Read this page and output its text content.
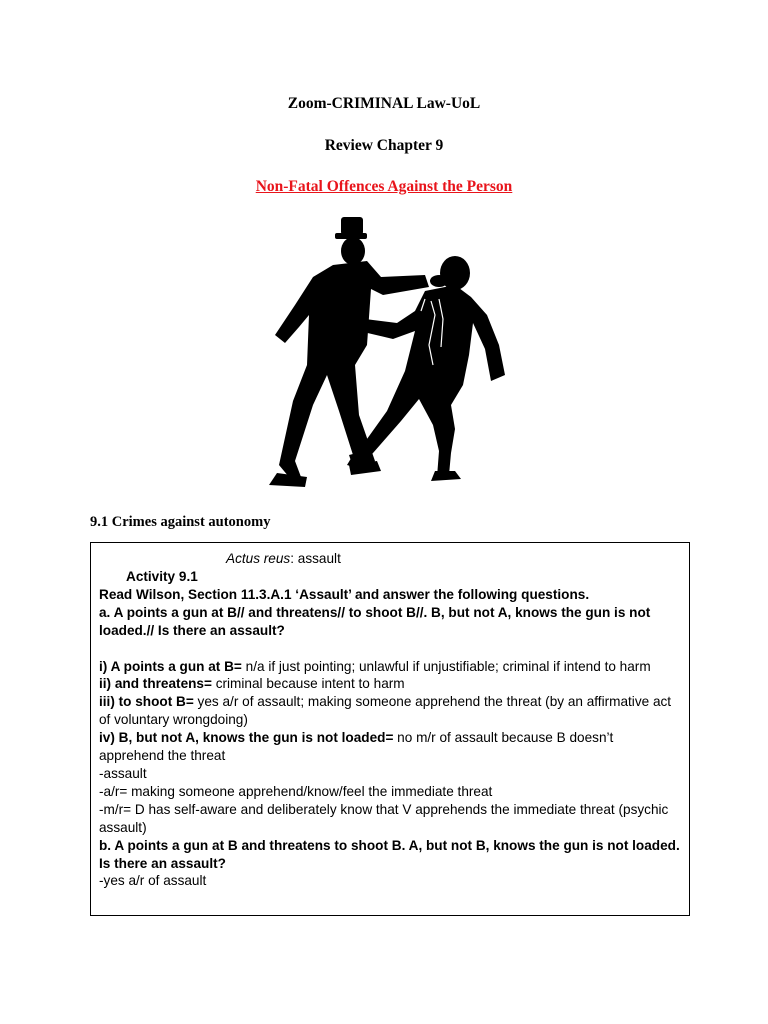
Zoom-CRIMINAL Law-UoL
Review Chapter 9
Non-Fatal Offences Against the Person
9.1 Crimes against autonomy

Actus reus: assault

Activity 9.1

Read Wilson, Section 11.3.A.1 ‘Assault’ and answer the following questions.

a. A points a gun at B// and threatens// to shoot B//. B, but not A, knows the gun is not loaded.// Is there an assault?

i) A points a gun at B= n/a if just pointing; unlawful if unjustifiable; criminal if intend to harm

ii) and threatens= criminal because intent to harm

iii) to shoot B= yes a/r of assault; making someone apprehend the threat (by an affirmative act of voluntary wrongdoing)

iv) B, but not A, knows the gun is not loaded= no m/r of assault because B doesn’t apprehend the threat

-assault

-a/r= making someone apprehend/know/feel the immediate threat

-m/r= D has self-aware and deliberately know that V apprehends the immediate threat (psychic assault)

b. A points a gun at B and threatens to shoot B. A, but not B, knows the gun is not loaded. Is there an assault?

-yes a/r of assault
